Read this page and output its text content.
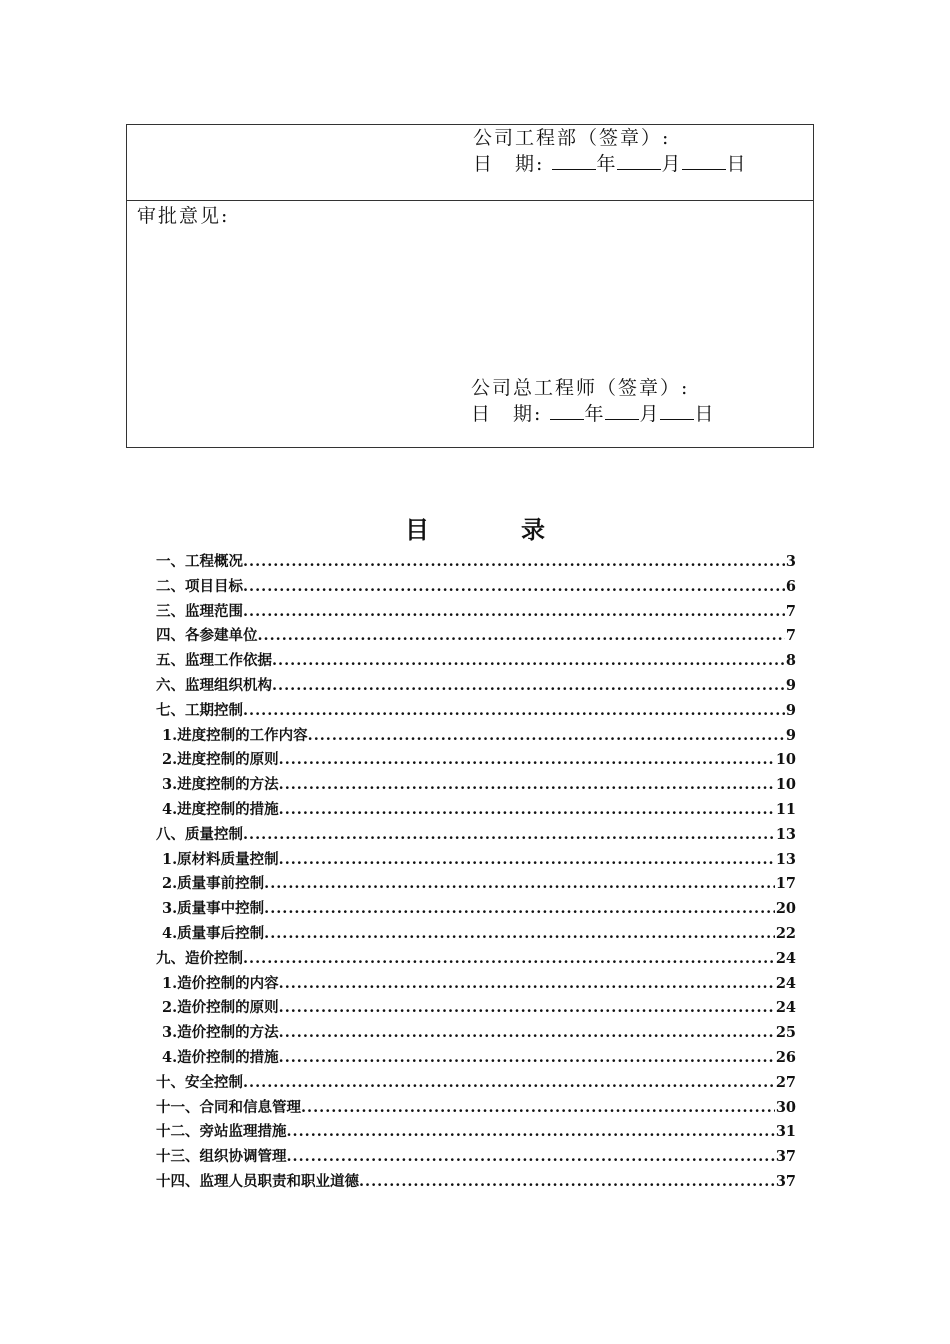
公司工程部（签章）:
日　期:	年 月 日
审批意见:
公司总工程师（签章）:
日　期: 年 月 日
目　录
一、工程概况 .....	3
二、项目目标 .....	6
三、监理范围 .....	7
四、各参建单位 .....	7
五、监理工作依据 .....	8
六、监理组织机构 .....	9
七、工期控制 .....	9
1.进度控制的工作内容 .....	9
2.进度控制的原则 .....	10
3.进度控制的方法 .....	10
4.进度控制的措施 .....	11
八、质量控制 .....	13
1.原材料质量控制 .....	13
2.质量事前控制 .....	17
3.质量事中控制 .....	20
4.质量事后控制 .....	22
九、造价控制 .....	24
1.造价控制的内容 .....	24
2.造价控制的原则 .....	24
3.造价控制的方法 .....	25
4.造价控制的措施 .....	26
十、安全控制 .....	27
十一、合同和信息管理 .....	30
十二、旁站监理措施 .....	31
十三、组织协调管理 .....	37
十四、监理人员职责和职业道德 .....	37
